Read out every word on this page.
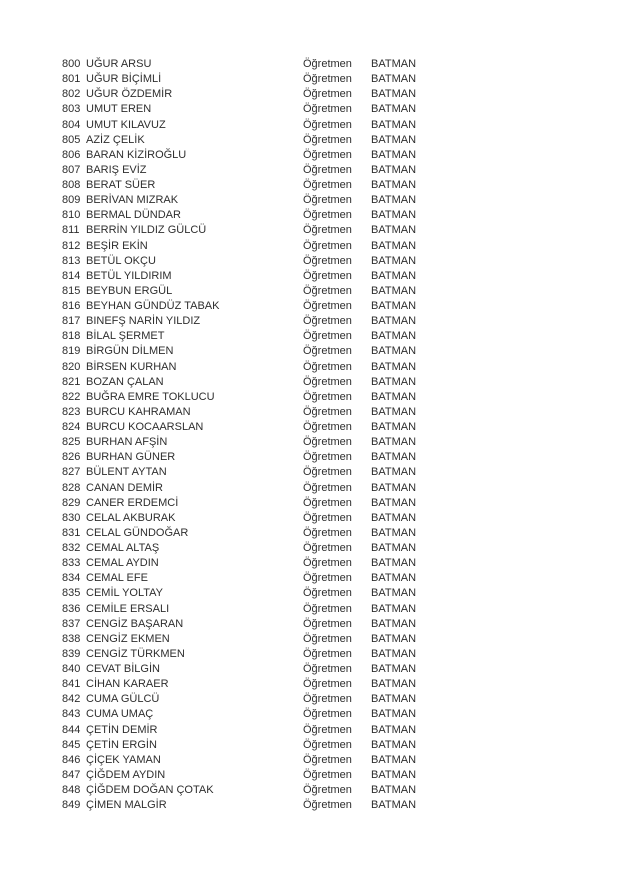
800 UĞUR ARSU	Öğretmen BATMAN
801 UĞUR BİÇİMLİ	Öğretmen BATMAN
802 UĞUR ÖZDEMİR	Öğretmen BATMAN
803 UMUT EREN	Öğretmen BATMAN
804 UMUT KILAVUZ	Öğretmen BATMAN
805 AZİZ ÇELİK	Öğretmen BATMAN
806 BARAN KİZİROĞLU	Öğretmen BATMAN
807 BARIŞ EVİZ	Öğretmen BATMAN
808 BERAT SÜER	Öğretmen BATMAN
809 BERİVAN MIZRAK	Öğretmen BATMAN
810 BERMAL DÜNDAR	Öğretmen BATMAN
811 BERRİN YILDIZ GÜLCÜ	Öğretmen BATMAN
812 BEŞİR EKİN	Öğretmen BATMAN
813 BETÜL OKÇU	Öğretmen BATMAN
814 BETÜL YILDIRIM	Öğretmen BATMAN
815 BEYBUN ERGÜL	Öğretmen BATMAN
816 BEYHAN GÜNDÜZ TABAK	Öğretmen BATMAN
817 BINEFŞ NARİN YILDIZ	Öğretmen BATMAN
818 BİLAL ŞERMET	Öğretmen BATMAN
819 BİRGÜN DİLMEN	Öğretmen BATMAN
820 BİRSEN KURHAN	Öğretmen BATMAN
821 BOZAN ÇALAN	Öğretmen BATMAN
822 BUĞRA EMRE TOKLUCU	Öğretmen BATMAN
823 BURCU KAHRAMAN	Öğretmen BATMAN
824 BURCU KOCAARSLAN	Öğretmen BATMAN
825 BURHAN AFŞİN	Öğretmen BATMAN
826 BURHAN GÜNER	Öğretmen BATMAN
827 BÜLENT AYTAN	Öğretmen BATMAN
828 CANAN DEMİR	Öğretmen BATMAN
829 CANER ERDEMCİ	Öğretmen BATMAN
830 CELAL AKBURAK	Öğretmen BATMAN
831 CELAL GÜNDOĞAR	Öğretmen BATMAN
832 CEMAL ALTAŞ	Öğretmen BATMAN
833 CEMAL AYDIN	Öğretmen BATMAN
834 CEMAL EFE	Öğretmen BATMAN
835 CEMİL YOLTAY	Öğretmen BATMAN
836 CEMİLE ERSALI	Öğretmen BATMAN
837 CENGİZ BAŞARAN	Öğretmen BATMAN
838 CENGİZ EKMEN	Öğretmen BATMAN
839 CENGİZ TÜRKMEN	Öğretmen BATMAN
840 CEVAT BİLGİN	Öğretmen BATMAN
841 CİHAN KARAER	Öğretmen BATMAN
842 CUMA GÜLCÜ	Öğretmen BATMAN
843 CUMA UMAÇ	Öğretmen BATMAN
844 ÇETİN DEMİR	Öğretmen BATMAN
845 ÇETİN ERGİN	Öğretmen BATMAN
846 ÇİÇEK YAMAN	Öğretmen BATMAN
847 ÇİĞDEM AYDIN	Öğretmen BATMAN
848 ÇİĞDEM DOĞAN ÇOTAK	Öğretmen BATMAN
849 ÇİMEN MALGİR	Öğretmen BATMAN
